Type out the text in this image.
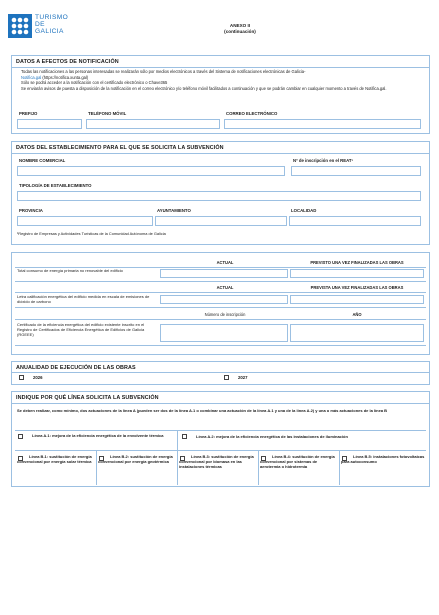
TURISMO
DE
GALICIA
ANEXO II
(continuación)
DATOS A EFECTOS DE NOTIFICACIÓN
Todas las notificaciones a las personas interesadas se realizarán sólo por medios electrónicos a través del Sistema de notificaciones electrónicas de Galicia-
Notifica.gal (https://notifica.xunta.gal)
Sólo se podrá acceder a la notificación con el certificado electrónico o Chave365
Se enviarán avisos de puesta a disposición de la notificación en el correo electrónico y/o teléfono móvil facilitados a continuación y que se podrán cambiar en cualquier momento a través de Notifica.gal.
PREFIJO	TELÉFONO MÓVIL	CORREO ELECTRÓNICO
DATOS DEL ESTABLECIMIENTO PARA EL QUE SE SOLICITA LA SUBVENCIÓN
NOMBRE COMERCIAL	Nº de inscripción en el REAT¹
TIPOLOGÍA DE ESTABLECIMIENTO
PROVINCIA	AYUNTAMIENTO	LOCALIDAD
¹Registro de Empresas y Actividades Turísticas de la Comunidad Autónoma de Galicia
ACTUAL	PREVISTO UNA VEZ FINALIZADAS LAS OBRAS
Total consumo de energía primaria no renovable del edificio
ACTUAL	PREVISTA UNA VEZ FINALIZADAS LAS OBRAS
Letra calificación energética del edificio medida en escala de emisiones de dióxido de carbono
Número de inscripción	AÑO
Certificado de la eficiencia energética del edificio existente inscrito en el Registro de Certificados de Eficiencia Energética de Edificios de Galicia (RGEEE)
ANUALIDAD DE EJECUCIÓN DE LAS OBRAS
2026	2027
INDIQUE POR QUÉ LÍNEA SOLICITA LA SUBVENCIÓN
Se deben realizar, como mínimo, dos actuaciones de la línea A (pueden ser dos de la línea A.1 o combinar una actuación de la línea A.1 y una de la línea A.2) y una o más actuaciones de la línea B
Línea A.1: mejora de la eficiencia energética de la envolvente térmica	Línea A.2: mejora de la eficiencia energética de las instalaciones de iluminación
Línea B.1: sustitución de energía convencional por energía solar térmica
Línea B.2: sustitución de energía convencional por energía geotérmica
Línea B.3: sustitución de energía convencional por biomasa en las instalaciones térmicas
Línea B.4: sustitución de energía convencional por sistemas de aerotermia o hidrotermia
Línea B.5: instalaciones fotovoltaicas para autoconsumo
